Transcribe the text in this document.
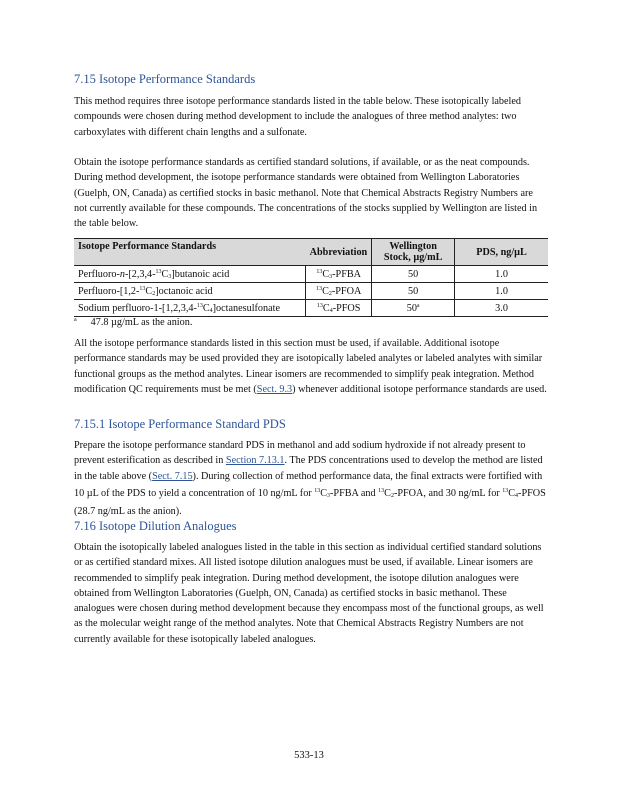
7.15 Isotope Performance Standards
This method requires three isotope performance standards listed in the table below. These isotopically labeled compounds were chosen during method development to include the analogues of three method analytes: two carboxylates with different chain lengths and a sulfonate.
Obtain the isotope performance standards as certified standard solutions, if available, or as the neat compounds. During method development, the isotope performance standards were obtained from Wellington Laboratories (Guelph, ON, Canada) as certified stocks in basic methanol. Note that Chemical Abstracts Registry Numbers are not currently available for these compounds. The concentrations of the stocks supplied by Wellington are listed in the table below.
Isotope Performance Standards	Abbreviation	Wellington Stock, µg/mL	PDS, ng/µL
Perfluoro-$n-[2,3,4-^{13}C_3]butanoic$ acid	$^{13}C_3$-PFBA	50	1.0
Perfluoro-$[1,2-^{13}C_2]octanoic$ acid	$^{13}C_2$-PFOA	50	1.0
Sodium perfluoro-$1-[1,2,3,4-^{13}C_4]octanesulfonate$	$^{13}C_4$-PFOS	50$^a$	3.0
$^a$ 47.8 µg/mL as the anion.
All the isotope performance standards listed in this section must be used, if available. Additional isotope performance standards may be used provided they are isotopically labeled analytes or labeled analytes with similar functional groups as the method analytes. Linear isomers are recommended to simplify peak integration. Method modification QC requirements must be met (Sect. 9.3) whenever additional isotope performance standards are used.
7.15.1 Isotope Performance Standard PDS
Prepare the isotope performance standard PDS in methanol and add sodium hydroxide if not already present to prevent esterification as described in Section 7.13.1. The PDS concentrations used to develop the method are listed in the table above (Sect. 7.15). During collection of method performance data, the final extracts were fortified with 10 µL of the PDS to yield a concentration of 10 ng/mL for $^{13}C_3$-PFBA and $^{13}C_2$-PFOA, and 30 ng/mL for $^{13}C_4$-PFOS (28.7 ng/mL as the anion).
7.16 Isotope Dilution Analogues
Obtain the isotopically labeled analogues listed in the table in this section as individual certified standard solutions or as certified standard mixes. All listed isotope dilution analogues must be used, if available. Linear isomers are recommended to simplify peak integration. During method development, the isotope dilution analogues were obtained from Wellington Laboratories (Guelph, ON, Canada) as certified stocks in basic methanol. These analogues were chosen during method development because they encompass most of the functional groups, as well as the molecular weight range of the method analytes. Note that Chemical Abstracts Registry Numbers are not currently available for these isotopically labeled analogues.
533-13
